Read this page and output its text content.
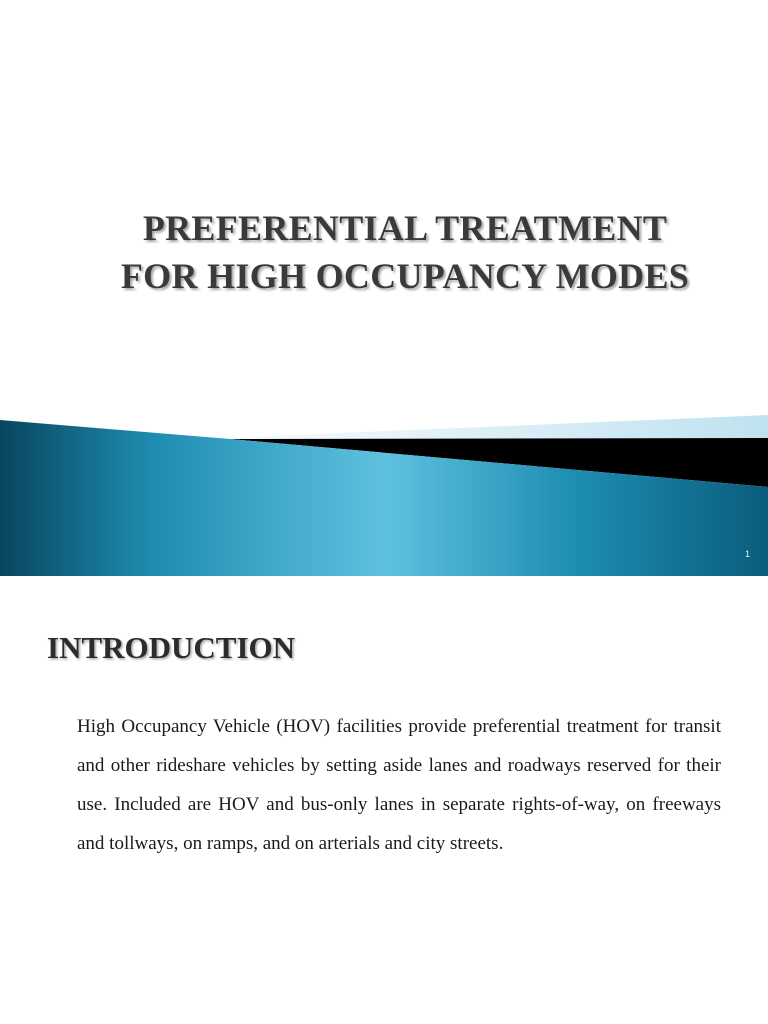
PREFERENTIAL TREATMENT
FOR HIGH OCCUPANCY MODES
1
INTRODUCTION

High Occupancy Vehicle (HOV) facilities provide preferential treatment for transit and other rideshare vehicles by setting aside lanes and roadways reserved for their use. Included are HOV and bus-only lanes in separate rights-of-way, on freeways and tollways, on ramps, and on arterials and city streets.
